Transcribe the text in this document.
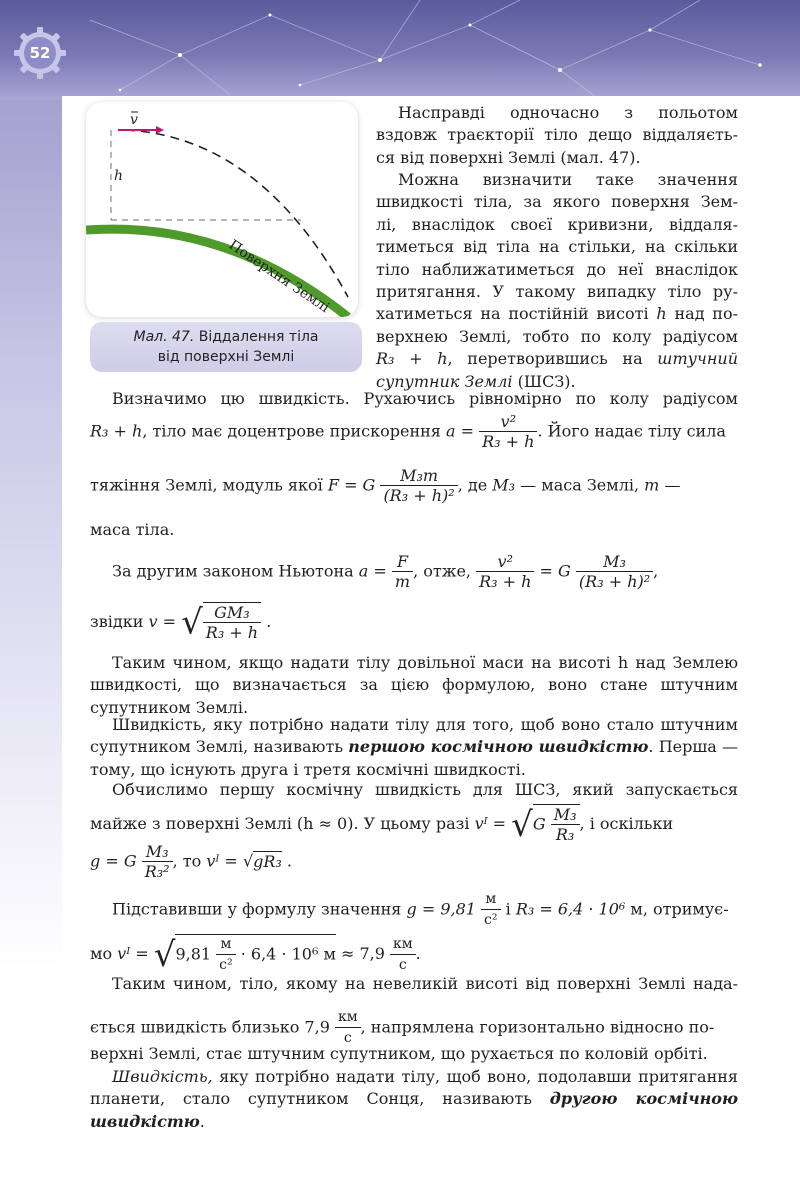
52
v
h
Поверхня Землі
Мал. 47. Віддалення тіла
від поверхні Землі
Насправді одночасно з польотом
вздовж траєкторії тіло дещо віддаляєть-
ся від поверхні Землі (мал. 47).
Можна визначити таке значення
швидкості тіла, за якого поверхня Зем-
лі, внаслідок своєї кривизни, віддаля-
тиметься від тіла на стільки, на скільки
тіло наближатиметься до неї внаслідок
притягання. У такому випадку тіло ру-
хатиметься на постійній висоті h над по-
верхнею Землі, тобто по колу радіусом
R₃ + h, перетворившись на штучний
супутник Землі (ШСЗ).
Визначимо цю швидкість. Рухаючись рівномірно по колу радіусом
R₃ + h, тіло має доцентрове прискорення $a = \frac{\text{v²}}{\text{R₃ + h}}$ . Його надає тілу сила
тяжіння Землі, модуль якої F = G $\frac{\text{M₃m}}{\text{(R₃ + h)²}}$ , де M₃ — маса Землі, m —
маса тіла.
За другим законом Ньютона $a = \frac{F}{m}$ , отже, $\frac{\text{v²}}{\text{R₃ + h}} = G \frac{\text{M₃}}{\text{(R₃ + h)²}}$ ,
звідки v = √ $\frac{\text{GM₃}}{\text{R₃ + h}}$ .
Таким чином, якщо надати тілу довільної маси на висоті h над Землею швидкості, що визначається за цією формулою, воно стане штучним супутником Землі.
Швидкість, яку потрібно надати тілу для того, щоб воно стало штучним супутником Землі, називають першою космічною швидкістю. Перша — тому, що існують друга і третя космічні швидкості.
Обчислимо першу космічну швидкість для ШСЗ, який запускається
майже з поверхні Землі (h ≈ 0). У цьому разі vᴵ = $√G \frac{\text{M₃}}{\text{R₃}}$ , і оскільки
g = G $\frac{\text{M₃}}{\text{R₃²}}$ , то vᴵ = √gR₃ .
Підставивши у формулу значення $g = 9,81 \frac{м}{\text{с²}}$ і R₃ = 6,4 · 10⁶ м, отримує-
мо vᴵ = $√9,81 \frac{м}{\text{с²}} \cdot 6,4 \cdot 10^6$ $м \approx 7,9 \frac{км}{с}$ .
Таким чином, тіло, якому на невеликій висоті від поверхні Землі нада-
ється швидкість близько $7,9 \frac{км}{с}$ , напрямлена горизонтально відносно по-
верхні Землі, стає штучним супутником, що рухається по коловій орбіті.
Швидкість, яку потрібно надати тілу, щоб воно, подолавши притягання планети, стало супутником Сонця, називають другою космічною швидкістю.
